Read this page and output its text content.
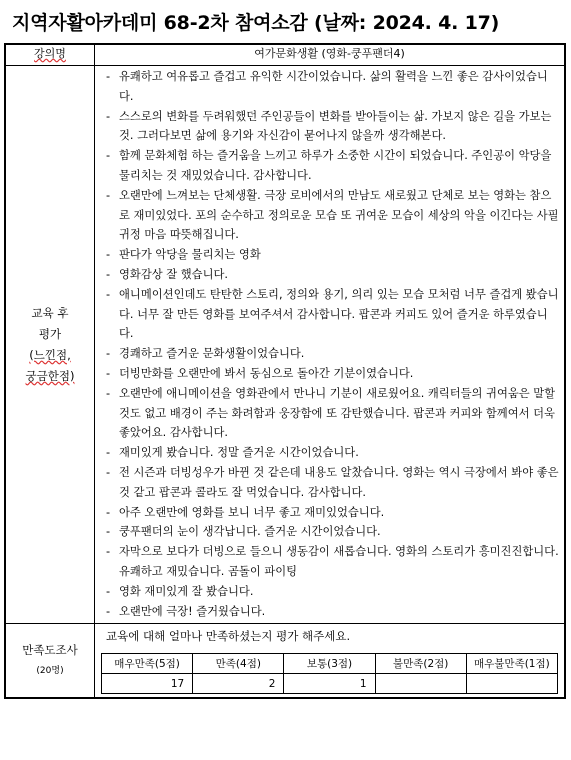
지역자활아카데미 68-2차 참여소감 (날짜: 2024. 4. 17)
강의명	여가문화생활 (영화-쿵푸팬더4)

교육 후
평가
(느낀점,
궁금한점)

- 유쾌하고 여유롭고 즐겁고 유익한 시간이었습니다. 삶의 활력을 느낀 좋은 감사이었습니다.
- 스스로의 변화를 두려워했던 주인공들이 변화를 받아들이는 삶. 가보지 않은 길을 가보는 것. 그러다보면 삶에 용기와 자신감이 묻어나지 않을까 생각해본다.
- 함께 문화체험 하는 즐거움을 느끼고 하루가 소중한 시간이 되었습니다. 주인공이 악당을 물리치는 것 재밌었습니다. 감사합니다.
- 오랜만에 느껴보는 단체생활. 극장 로비에서의 만남도 새로웠고 단체로 보는 영화는 참으로 재미있었다. 포의 순수하고 정의로운 모습 또 귀여운 모습이 세상의 악을 이긴다는 사필귀정 마음 따뜻해집니다.
- 판다가 악당을 물리치는 영화
- 영화감상 잘 했습니다.
- 애니메이션인데도 탄탄한 스토리, 정의와 용기, 의리 있는 모습 모처럼 너무 즐겁게 봤습니다. 너무 잘 만든 영화를 보여주셔서 감사합니다. 팝콘과 커피도 있어 즐거운 하루였습니다.
- 경쾌하고 즐거운 문화생활이었습니다.
- 더빙만화를 오랜만에 봐서 동심으로 돌아간 기분이였습니다.
- 오랜만에 애니메이션을 영화관에서 만나니 기분이 새로웠어요. 캐릭터들의 귀여움은 말할 것도 없고 배경이 주는 화려함과 웅장함에 또 감탄했습니다. 팝콘과 커피와 함께여서 더욱 좋았어요. 감사합니다.
- 재미있게 봤습니다. 정말 즐거운 시간이었습니다.
- 전 시즌과 더빙성우가 바뀐 것 같은데 내용도 알찼습니다. 영화는 역시 극장에서 봐야 좋은 것 같고 팝콘과 콜라도 잘 먹었습니다. 감사합니다.
- 아주 오랜만에 영화를 보니 너무 좋고 재미있었습니다.
- 쿵푸팬더의 눈이 생각납니다. 즐거운 시간이었습니다.
- 자막으로 보다가 더빙으로 들으니 생동감이 새롭습니다. 영화의 스토리가 흥미진진합니다. 유쾌하고 재밌습니다. 곰돌이 파이팅
- 영화 재미있게 잘 봤습니다.
- 오랜만에 극장! 즐거웠습니다.

만족도조사
(20명)

교육에 대해 얼마나 만족하셨는지 평가 해주세요.
매우만족(5점)	만족(4점)	보통(3점)	불만족(2점)	매우불만족(1점)
17	2	1		
